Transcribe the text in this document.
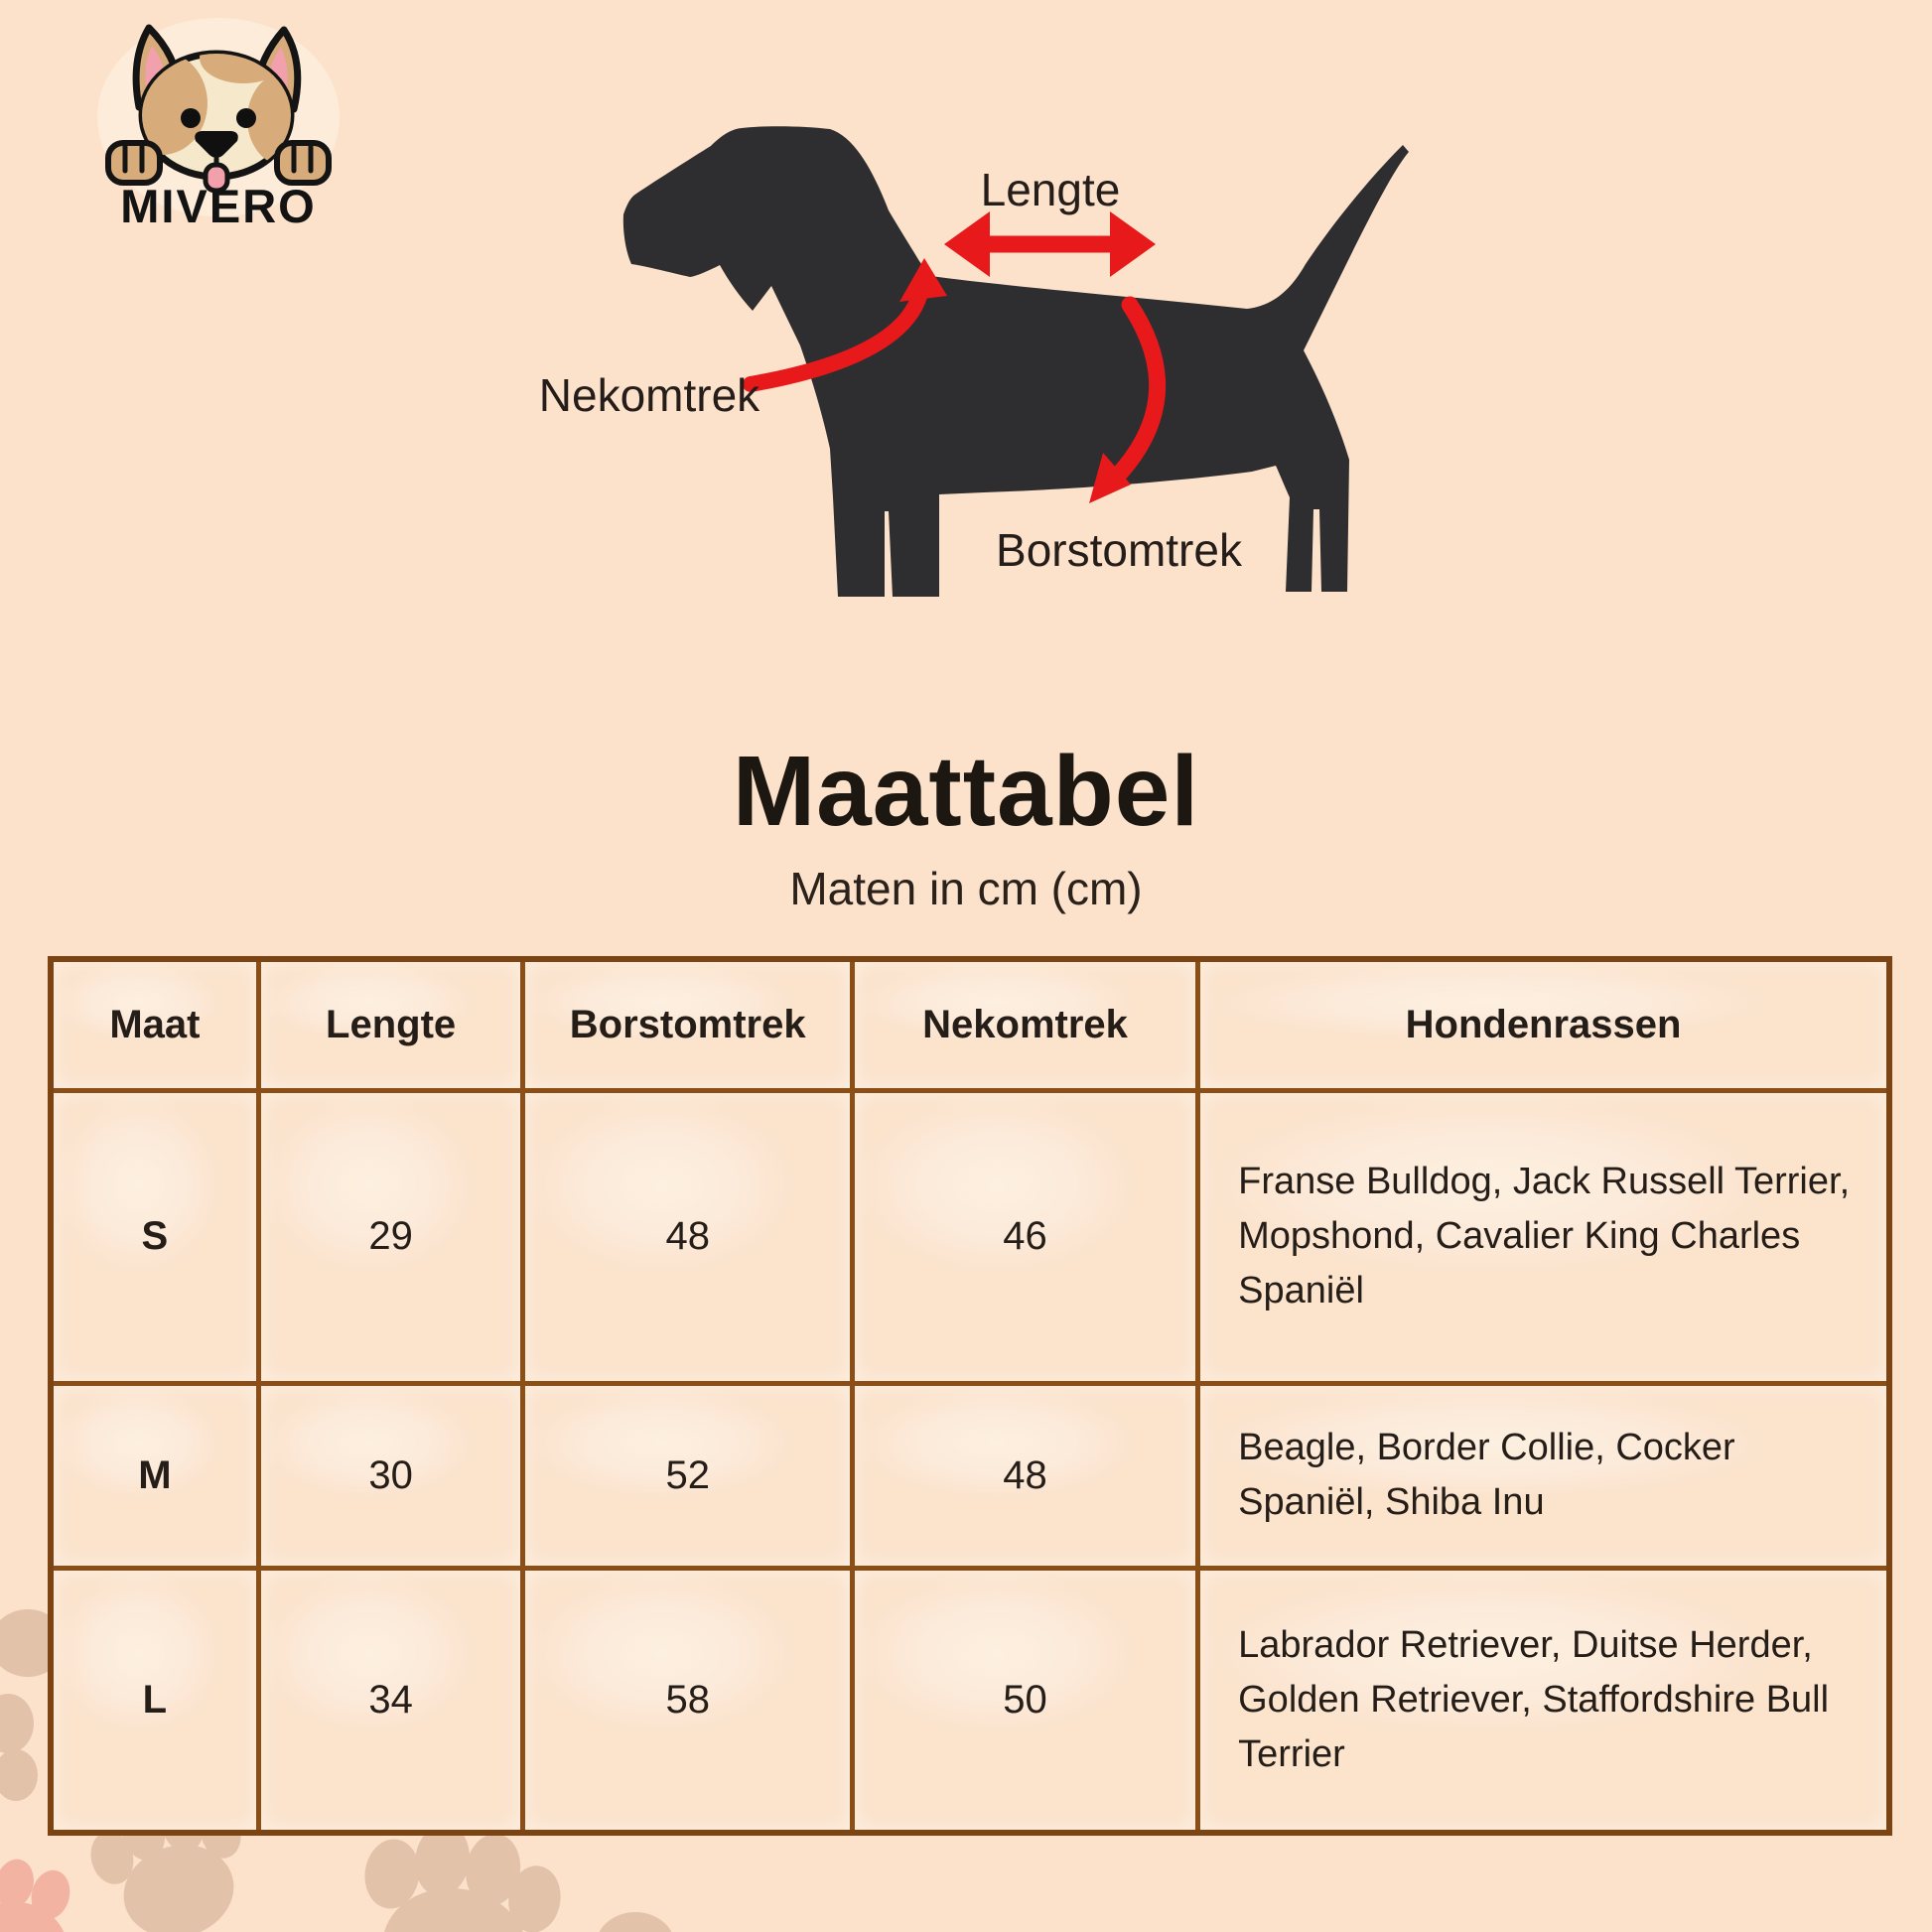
MIVERO	Lengte
Nekomtrek
Borstomtrek
Maattabel
Maten in cm (cm)
Maat	Lengte	Borstomtrek	Nekomtrek	Hondenrassen
S	29	48	46	Franse Bulldog, Jack Russell Terrier, Mopshond, Cavalier King Charles Spaniël
M	30	52	48	Beagle, Border Collie, Cocker Spaniël, Shiba Inu
L	34	58	50	Labrador Retriever, Duitse Herder, Golden Retriever, Staffordshire Bull Terrier
